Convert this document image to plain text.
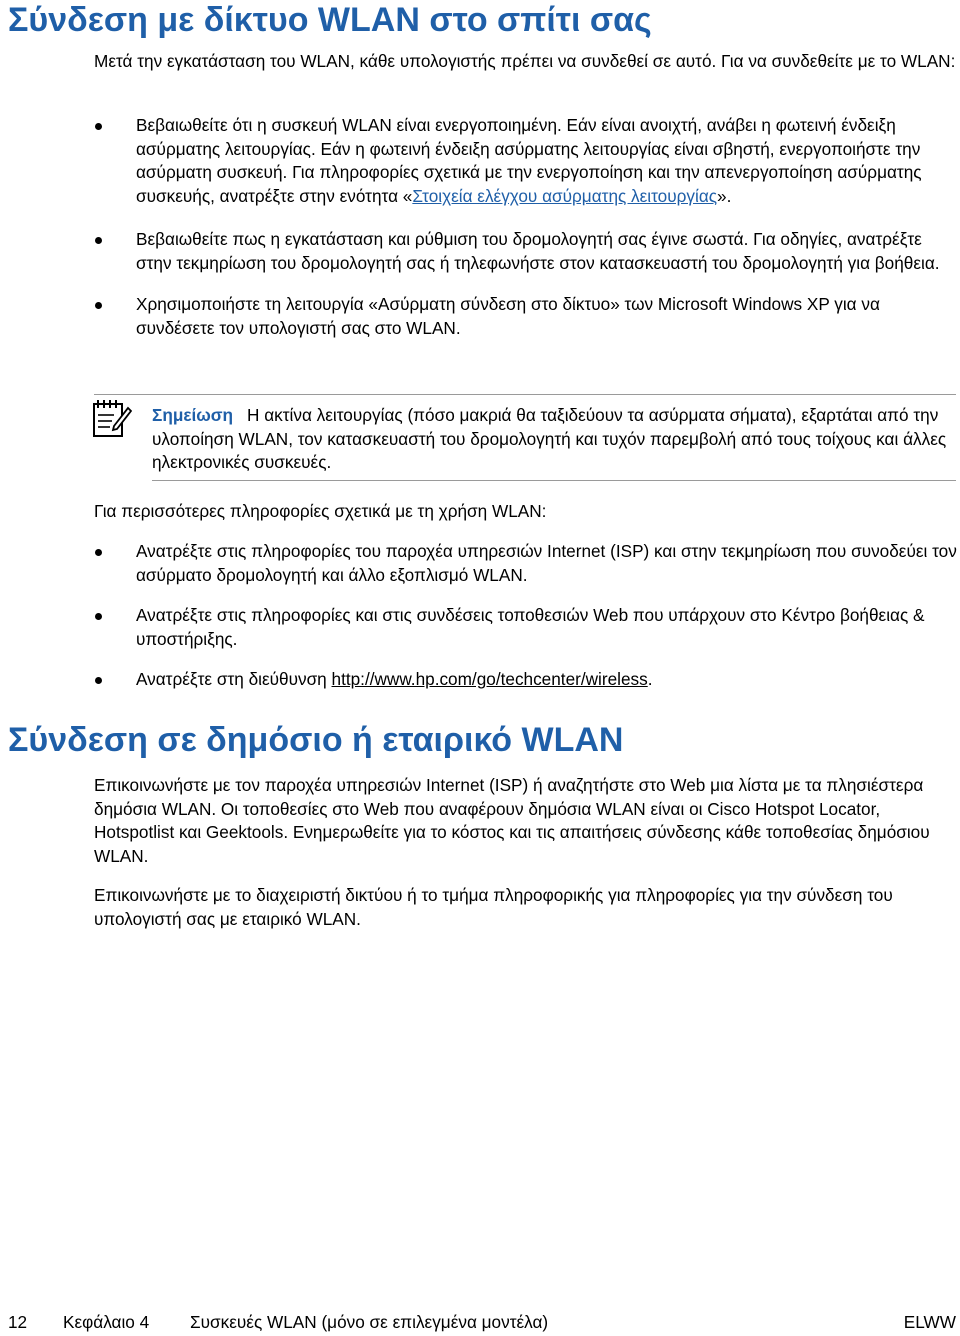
Σύνδεση με δίκτυο WLAN στο σπίτι σας

Μετά την εγκατάσταση του WLAN, κάθε υπολογιστής πρέπει να συνδεθεί σε αυτό. Για να συνδεθείτε με το WLAN:

Βεβαιωθείτε ότι η συσκευή WLAN είναι ενεργοποιημένη. Εάν είναι ανοιχτή, ανάβει η φωτεινή ένδειξη ασύρματης λειτουργίας. Εάν η φωτεινή ένδειξη ασύρματης λειτουργίας είναι σβηστή, ενεργοποιήστε την ασύρματη συσκευή. Για πληροφορίες σχετικά με την ενεργοποίηση και την απενεργοποίηση ασύρματης συσκευής, ανατρέξτε στην ενότητα «Στοιχεία ελέγχου ασύρματης λειτουργίας».
Βεβαιωθείτε πως η εγκατάσταση και ρύθμιση του δρομολογητή σας έγινε σωστά. Για οδηγίες, ανατρέξτε στην τεκμηρίωση του δρομολογητή σας ή τηλεφωνήστε στον κατασκευαστή του δρομολογητή για βοήθεια.
Χρησιμοποιήστε τη λειτουργία «Ασύρματη σύνδεση στο δίκτυο» των Microsoft Windows XP για να συνδέσετε τον υπολογιστή σας στο WLAN.
Σημείωση Η ακτίνα λειτουργίας (πόσο μακριά θα ταξιδεύουν τα ασύρματα σήματα), εξαρτάται από την υλοποίηση WLAN, τον κατασκευαστή του δρομολογητή και τυχόν παρεμβολή από τους τοίχους και άλλες ηλεκτρονικές συσκευές.

Για περισσότερες πληροφορίες σχετικά με τη χρήση WLAN:

Ανατρέξτε στις πληροφορίες του παροχέα υπηρεσιών Internet (ISP) και στην τεκμηρίωση που συνοδεύει τον ασύρματο δρομολογητή και άλλο εξοπλισμό WLAN.
Ανατρέξτε στις πληροφορίες και στις συνδέσεις τοποθεσιών Web που υπάρχουν στο Κέντρο βοήθειας & υποστήριξης.
Ανατρέξτε στη διεύθυνση http://www.hp.com/go/techcenter/wireless.
Σύνδεση σε δημόσιο ή εταιρικό WLAN

Επικοινωνήστε με τον παροχέα υπηρεσιών Internet (ISP) ή αναζητήστε στο Web μια λίστα με τα πλησιέστερα δημόσια WLAN. Οι τοποθεσίες στο Web που αναφέρουν δημόσια WLAN είναι οι Cisco Hotspot Locator, Hotspotlist και Geektools. Ενημερωθείτε για το κόστος και τις απαιτήσεις σύνδεσης κάθε τοποθεσίας δημόσιου WLAN.

Επικοινωνήστε με το διαχειριστή δικτύου ή το τμήμα πληροφορικής για πληροφορίες για την σύνδεση του υπολογιστή σας με εταιρικό WLAN.

12 Κεφάλαιο 4 Συσκευές WLAN (μόνο σε επιλεγμένα μοντέλα)	ELWW
